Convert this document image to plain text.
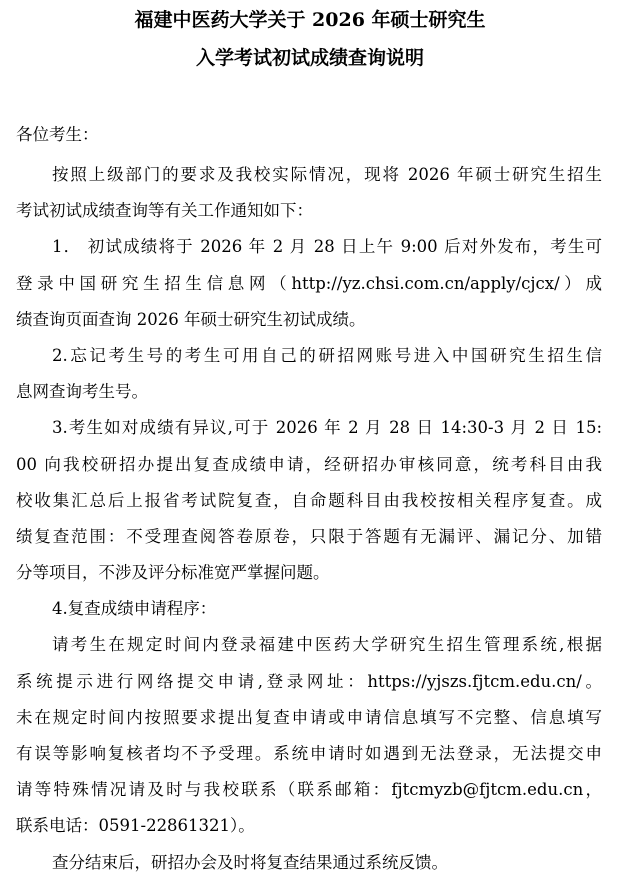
福建中医药大学关于 2026 年硕士研究生
入学考试初试成绩查询说明
各位考生：
按照上级部门的要求及我校实际情况，现将 2026 年硕士研究生招生
考试初试成绩查询等有关工作通知如下：
1． 初试成绩将于 2026 年 2 月 28 日上午 9:00 后对外发布，考生可
登录中国研究生招生信息网（http://yz.chsi.com.cn/apply/cjcx/）成
绩查询页面查询 2026 年硕士研究生初试成绩。
2.忘记考生号的考生可用自己的研招网账号进入中国研究生招生信
息网查询考生号。
3.考生如对成绩有异议,可于 2026 年 2 月 28 日 14:30-3 月 2 日 15:
00 向我校研招办提出复查成绩申请，经研招办审核同意，统考科目由我
校收集汇总后上报省考试院复查，自命题科目由我校按相关程序复查。成
绩复查范围：不受理查阅答卷原卷，只限于答题有无漏评、漏记分、加错
分等项目，不涉及评分标准宽严掌握问题。
4.复查成绩申请程序：
请考生在规定时间内登录福建中医药大学研究生招生管理系统,根据
系统提示进行网络提交申请,登录网址：https://yjszs.fjtcm.edu.cn/。
未在规定时间内按照要求提出复查申请或申请信息填写不完整、信息填写
有误等影响复核者均不予受理。系统申请时如遇到无法登录，无法提交申
请等特殊情况请及时与我校联系（联系邮箱：fjtcmyzb@fjtcm.edu.cn，
联系电话：0591-22861321）。
查分结束后，研招办会及时将复查结果通过系统反馈。
